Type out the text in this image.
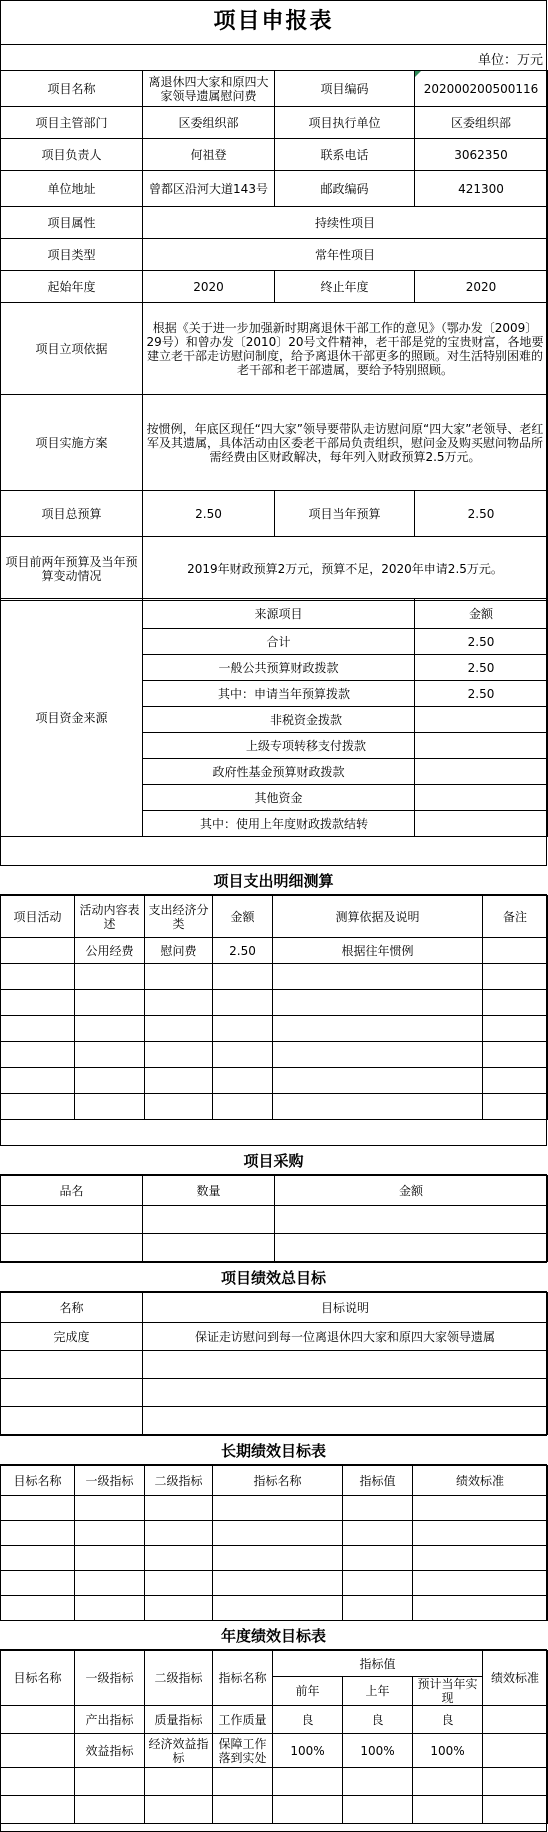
项目申报表
单位：万元
项目名称	离退休四大家和原四大家领导遗属慰问费	项目编码	202000200500116
项目主管部门	区委组织部	项目执行单位	区委组织部
项目负责人	何祖登	联系电话	3062350
单位地址	曾都区沿河大道143号	邮政编码	421300
项目属性	持续性项目		
项目类型	常年性项目		
起始年度	2020	终止年度	2020
项目立项依据	根据《关于进一步加强新时期离退休干部工作的意见》（鄂办发〔2009〕29号）和曾办发〔2010〕20号文件精神，老干部是党的宝贵财富，各地要建立老干部走访慰问制度，给予离退休干部更多的照顾。对生活特别困难的老干部和老干部遗属，要给予特别照顾。		
项目实施方案	按惯例，年底区现任“四大家”领导要带队走访慰问原“四大家”老领导、老红军及其遗属，具体活动由区委老干部局负责组织，慰问金及购买慰问物品所需经费由区财政解决，每年列入财政预算2.5万元。		
项目总预算	2.50	项目当年预算	2.50
项目前两年预算及当年预算变动情况	2019年财政预算2万元，预算不足，2020年申请2.5万元。		
项目资金来源	来源项目	金额
	合计	2.50
	一般公共预算财政拨款	2.50
	其中：申请当年预算拨款	2.50
	非税资金拨款	
	上级专项转移支付拨款	
	政府性基金预算财政拨款	
	其他资金	
	其中：使用上年度财政拨款结转	
项目支出明细测算
项目活动	活动内容表述	支出经济分类	金额	测算依据及说明	备注
	公用经费	慰问费	2.50	根据往年惯例	

项目采购
品名	数量	金额

项目绩效总目标
名称	目标说明
完成度	保证走访慰问到每一位离退休四大家和原四大家领导遗属

长期绩效目标表
目标名称	一级指标	二级指标	指标名称	指标值	绩效标准

年度绩效目标表
目标名称	一级指标	二级指标	指标名称	指标值			绩效标准
				前年	上年	预计当年实现	
	产出指标	质量指标	工作质量	良	良	良	
	效益指标	经济效益指标	保障工作落到实处	100%	100%	100%	
